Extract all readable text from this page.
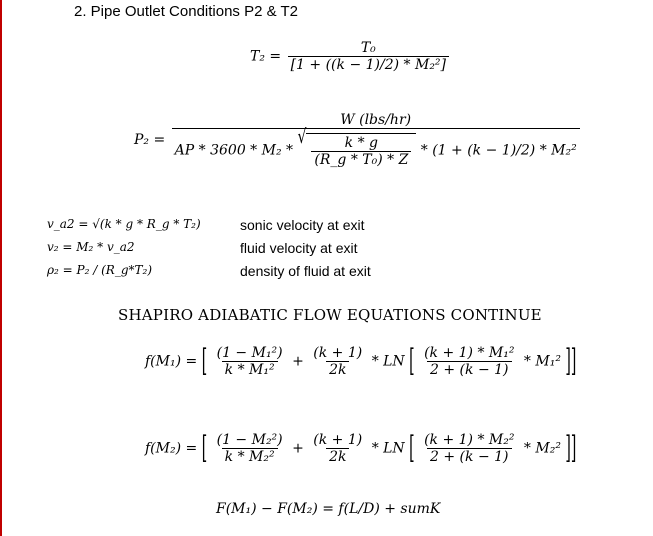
2. Pipe Outlet Conditions P2 & T2
$T_2 = \frac{\text{T₀}}{\text{[1 + ((k − 1)/2) * M₂²]}}$
P₂ =
W (lbs/hr)
AP * 3600 * M₂ *
√ $\frac{k * g}{\text{(R\_g * T₀) * Z}} * (1 + (k - 1)/2) * M_2^2$
v_a2 = √(k * g * R_g * T₂)	sonic velocity at exit
v₂ = M₂ * v_a2	fluid velocity at exit
ρ₂ = P₂ / (R_g*T₂)	density of fluid at exit
SHAPIRO ADIABATIC FLOW EQUATIONS CONTINUE
f(M₁) = [ $\frac{\text{(1 − M₁²)}}{\text{k * M₁²}} + \frac{(k + 1)}{2k}$ * LN [ $\frac{\text{(k + 1) * M₁²}}{2 + (k - 1)} * M_1^2$ ]]
f(M₂) = [ $\frac{\text{(1 − M₂²)}}{\text{k * M₂²}} + \frac{(k + 1)}{2k}$ * LN [ $\frac{\text{(k + 1) * M₂²}}{2 + (k - 1)} * M_2^2$ ]]
F(M₁) − F(M₂) = f(L/D) + sumK
